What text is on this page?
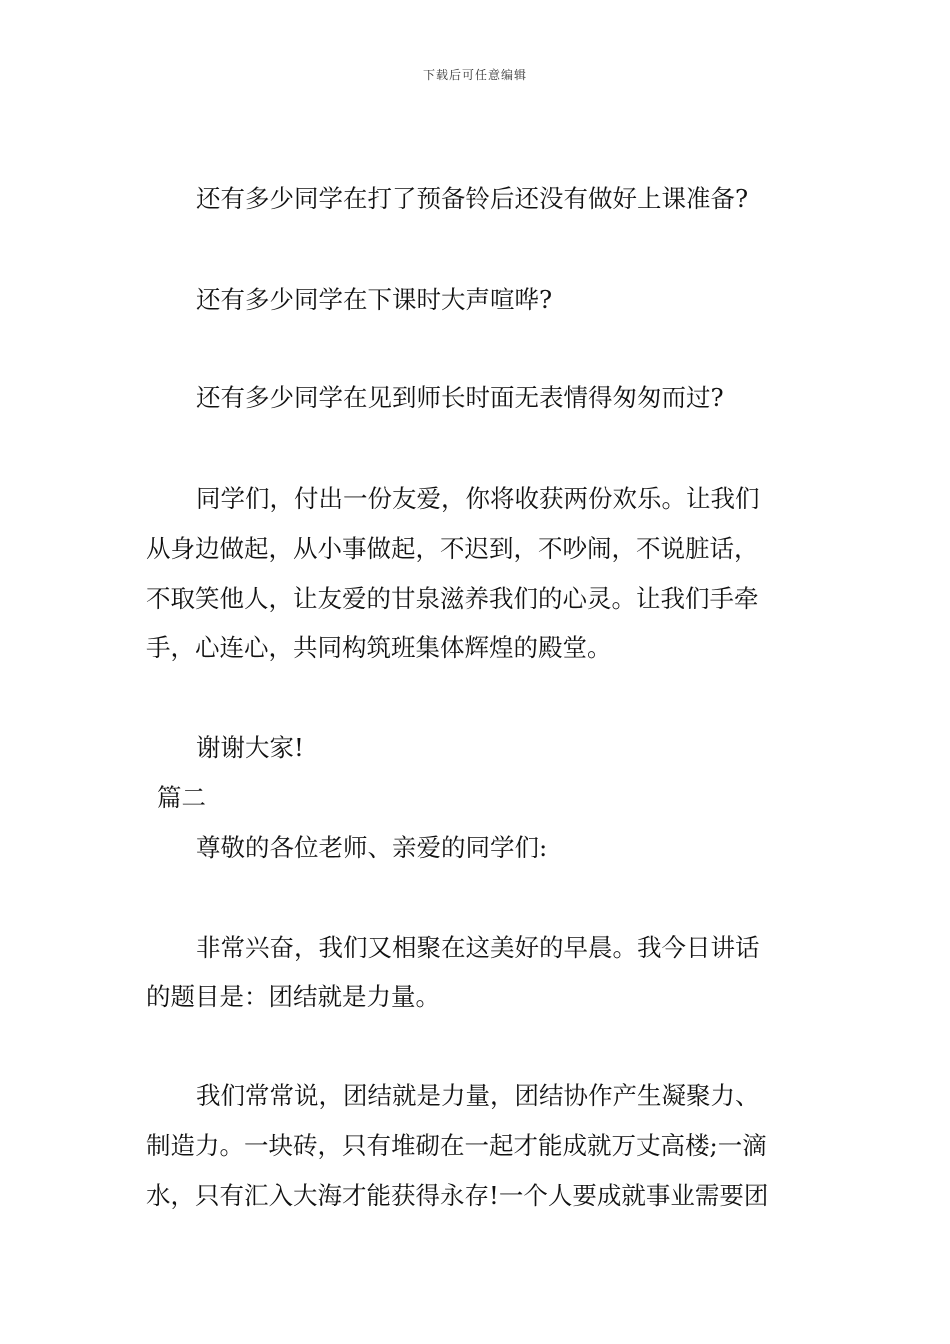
下载后可任意编辑
还有多少同学在打了预备铃后还没有做好上课准备?
还有多少同学在下课时大声喧哗?
还有多少同学在见到师长时面无表情得匆匆而过?
同学们，付出一份友爱，你将收获两份欢乐。让我们
从身边做起，从小事做起，不迟到，不吵闹，不说脏话，
不取笑他人，让友爱的甘泉滋养我们的心灵。让我们手牵
手，心连心，共同构筑班集体辉煌的殿堂。
谢谢大家!
篇二
尊敬的各位老师、亲爱的同学们:
非常兴奋，我们又相聚在这美好的早晨。我今日讲话
的题目是：团结就是力量。
我们常常说，团结就是力量，团结协作产生凝聚力、
制造力。一块砖，只有堆砌在一起才能成就万丈高楼;一滴
水，只有汇入大海才能获得永存!一个人要成就事业需要团
